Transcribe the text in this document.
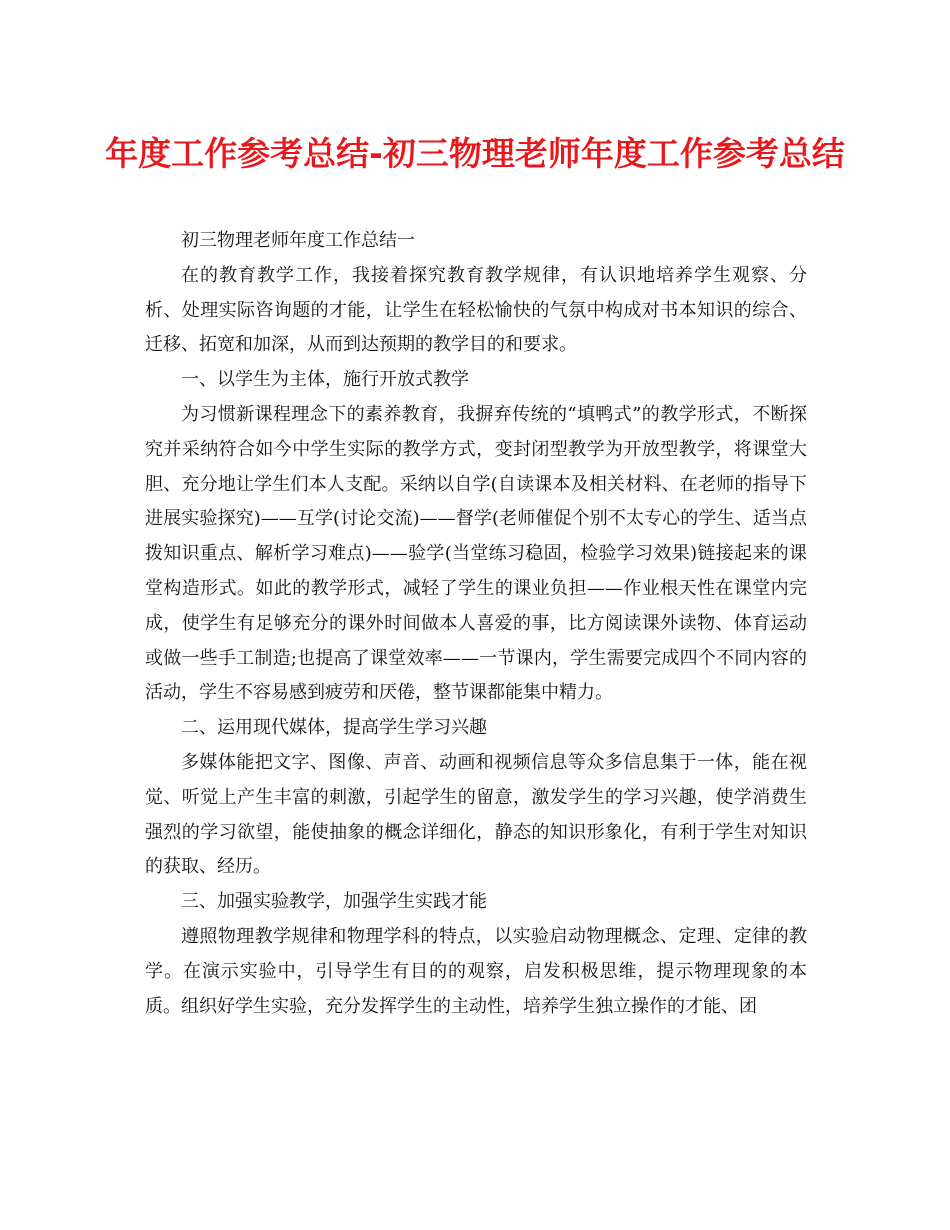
年度工作参考总结-初三物理老师年度工作参考总结

初三物理老师年度工作总结一

在的教育教学工作，我接着探究教育教学规律，有认识地培养学生观察、分析、处理实际咨询题的才能，让学生在轻松愉快的气氛中构成对书本知识的综合、迁移、拓宽和加深，从而到达预期的教学目的和要求。

一、以学生为主体，施行开放式教学

为习惯新课程理念下的素养教育，我摒弃传统的“填鸭式”的教学形式，不断探究并采纳符合如今中学生实际的教学方式，变封闭型教学为开放型教学，将课堂大胆、充分地让学生们本人支配。采纳以自学(自读课本及相关材料、在老师的指导下进展实验探究)——互学(讨论交流)——督学(老师催促个别不太专心的学生、适当点拨知识重点、解析学习难点)——验学(当堂练习稳固，检验学习效果)链接起来的课堂构造形式。如此的教学形式，减轻了学生的课业负担——作业根天性在课堂内完成，使学生有足够充分的课外时间做本人喜爱的事，比方阅读课外读物、体育运动或做一些手工制造;也提高了课堂效率——一节课内，学生需要完成四个不同内容的活动，学生不容易感到疲劳和厌倦，整节课都能集中精力。

二、运用现代媒体，提高学生学习兴趣

多媒体能把文字、图像、声音、动画和视频信息等众多信息集于一体，能在视觉、听觉上产生丰富的刺激，引起学生的留意，激发学生的学习兴趣，使学消费生强烈的学习欲望，能使抽象的概念详细化，静态的知识形象化，有利于学生对知识的获取、经历。

三、加强实验教学，加强学生实践才能

遵照物理教学规律和物理学科的特点，以实验启动物理概念、定理、定律的教学。在演示实验中，引导学生有目的的观察，启发积极思维，提示物理现象的本质。组织好学生实验，充分发挥学生的主动性，培养学生独立操作的才能、团
